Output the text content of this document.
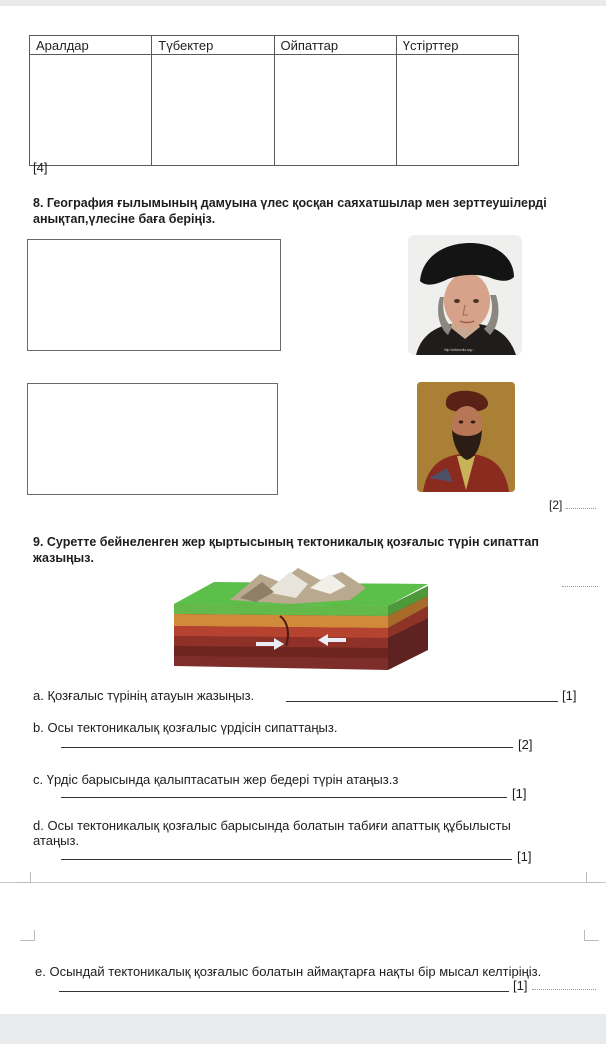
Аралдар	Түбектер	Ойпаттар	Үстірттер

[4]
8. География ғылымының дамуына үлес қосқан саяхатшылар мен зерттеушілерді
анықтап,үлесіне баға беріңіз.
http://wikimedia.org/...
[2]
9. Суретте бейнеленген жер қыртысының тектоникалық қозғалыс түрін сипаттап
жазыңыз.
a. Қозғалыс түрінің атауын жазыңыз.	[1]
b. Осы тектоникалық қозғалыс үрдісін сипаттаңыз.
[2]
c. Үрдіс барысында қалыптасатын жер бедері түрін атаңыз.з
[1]
d. Осы тектоникалық қозғалыс барысында болатын табиғи апаттық құбылысты
атаңыз.
[1]
e. Осындай тектоникалық қозғалыс болатын аймақтарға нақты бір мысал келтіріңіз.
[1]
